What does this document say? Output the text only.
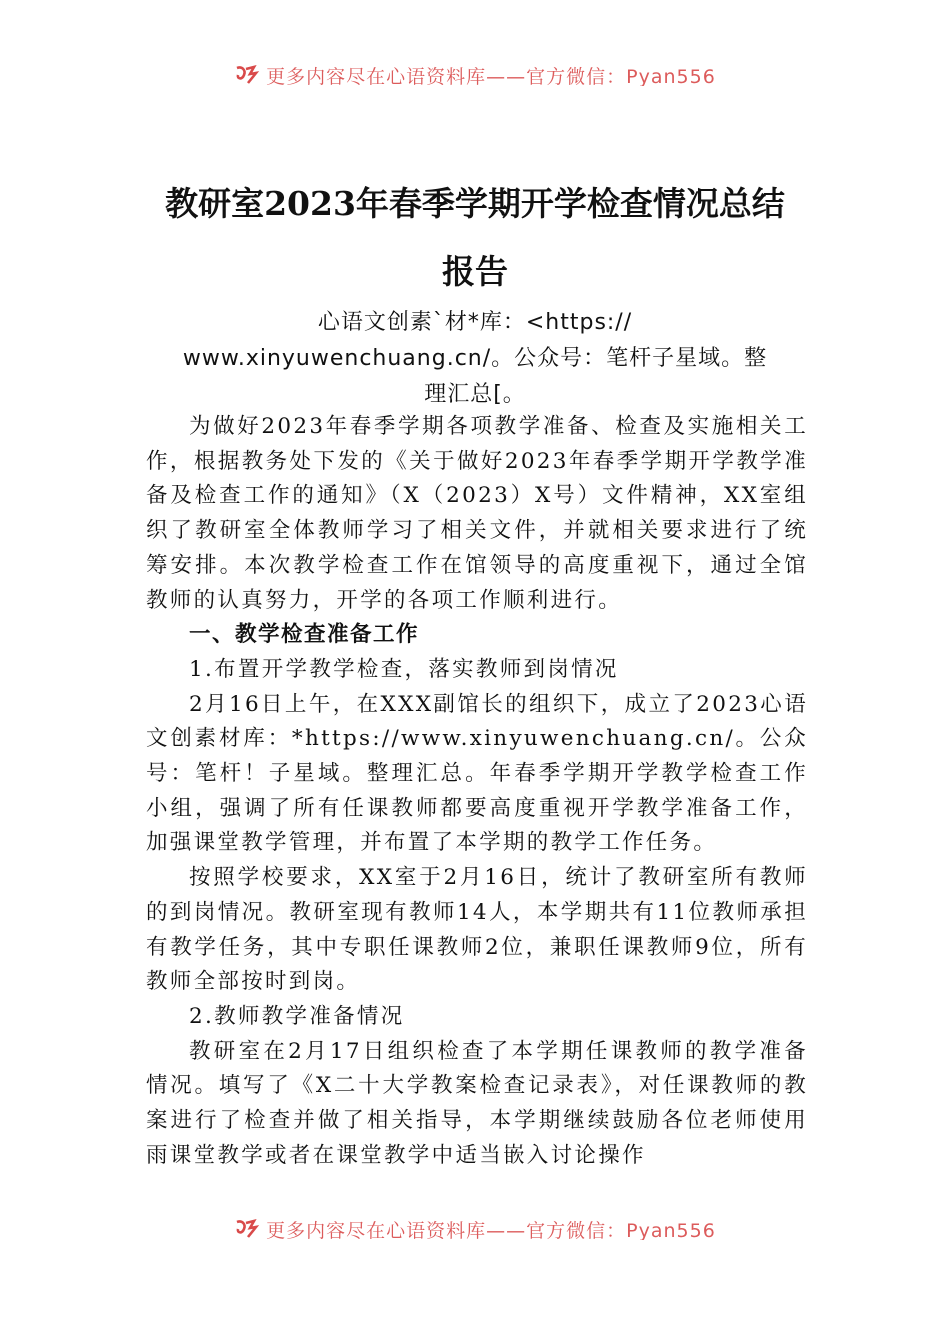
更多内容尽在心语资料库——官方微信：Pyan556
教研室2023年春季学期开学检查情况总结
报告
心语文创素`材*库：<https://
www.xinyuwenchuang.cn/。公众号：笔杆子星域。整
理汇总[。

为做好2023年春季学期各项教学准备、检查及实施相关工作，根据教务处下发的《关于做好2023年春季学期开学教学准备及检查工作的通知》（X（2023）X号）文件精神，XX室组织了教研室全体教师学习了相关文件，并就相关要求进行了统筹安排。本次教学检查工作在馆领导的高度重视下，通过全馆教师的认真努力，开学的各项工作顺利进行。

一、教学检查准备工作

1.布置开学教学检查，落实教师到岗情况

2月16日上午，在XXX副馆长的组织下，成立了2023心语文创素材库：*https://www.xinyuwenchuang.cn/。公众号：笔杆！子星域。整理汇总。年春季学期开学教学检查工作小组，强调了所有任课教师都要高度重视开学教学准备工作，加强课堂教学管理，并布置了本学期的教学工作任务。

按照学校要求，XX室于2月16日，统计了教研室所有教师的到岗情况。教研室现有教师14人，本学期共有11位教师承担有教学任务，其中专职任课教师2位，兼职任课教师9位，所有教师全部按时到岗。

2.教师教学准备情况

教研室在2月17日组织检查了本学期任课教师的教学准备情况。填写了《X二十大学教案检查记录表》，对任课教师的教案进行了检查并做了相关指导，本学期继续鼓励各位老师使用雨课堂教学或者在课堂教学中适当嵌入讨论操作

更多内容尽在心语资料库——官方微信：Pyan556
